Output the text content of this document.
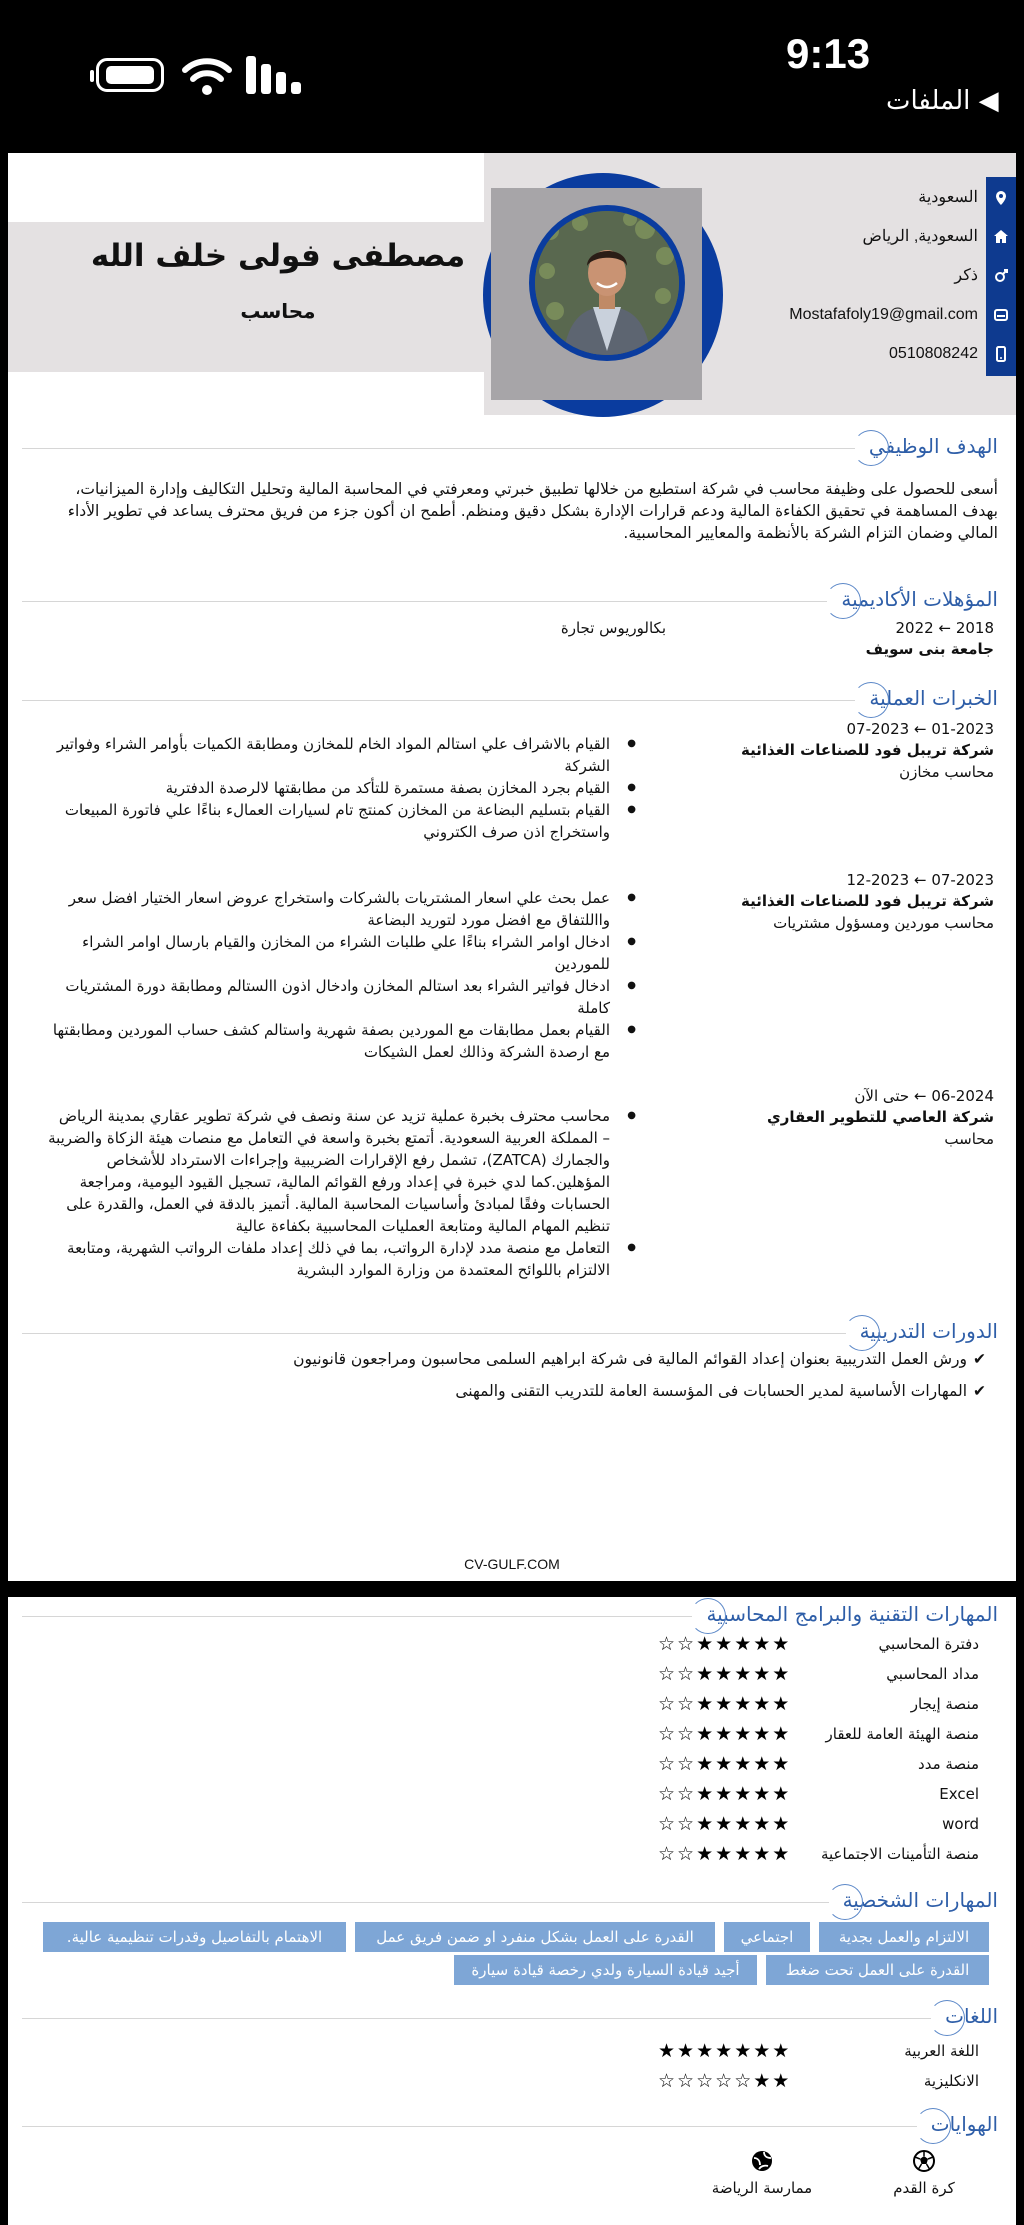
9:13
◀ الملفات
السعودية
السعودية, الرياض
ذكر
Mostafafoly19@gmail.com
0510808242
مصطفى فولى خلف الله
محاسب
الهدف الوظيفي
أسعى للحصول على وظيفة محاسب في شركة استطيع من خلالها تطبيق خبرتي ومعرفتي في المحاسبة المالية وتحليل التكاليف وإدارة الميزانيات،
بهدف المساهمة في تحقيق الكفاءة المالية ودعم قرارات الإدارة بشكل دقيق ومنظم. أطمح ان أكون جزء من فريق محترف يساعد في تطوير الأداء
المالي وضمان التزام الشركة بالأنظمة والمعايير المحاسبية.
المؤهلات الأكاديمية
2018 ← 2022
جامعة بنى سويف
بكالوريوس تجارة
الخبرات العملية
01-2023 ← 07-2023
شركة تريبل فود للصناعات الغذائية
محاسب مخازن
● القيام بالاشراف علي استالم المواد الخام للمخازن ومطابقة الكميات بأوامر الشراء وفواتير الشركة
● القيام بجرد المخازن بصفة مستمرة للتأكد من مطابقتها لالرصدة الدفترية
● القيام بتسليم البضاعة من المخازن كمنتج تام لسيارات العمالء بناءًا علي فاتورة المبيعات واستخراج اذن صرف الكتروني
07-2023 ← 12-2023
شركة تريبل فود للصناعات الغذائية
محاسب موردين ومسؤول مشتريات
● عمل بحث علي اسعار المشتريات بالشركات واستخراج عروض اسعار الختيار افضل سعر وااللتفاق مع افضل مورد لتوريد البضاعة
● ادخال اوامر الشراء بناءًا علي طلبات الشراء من المخازن والقيام بارسال اوامر الشراء للموردين
● ادخال فواتير الشراء بعد استالم المخازن وادخال اذون االستالم ومطابقة دورة المشتريات كاملة
● القيام بعمل مطابقات مع الموردين بصفة شهرية واستالم كشف حساب الموردين ومطابقتها مع ارصدة الشركة وذالك لعمل الشيكات
06-2024 ← حتى الآن
شركة العاصي للتطوير العقاري
محاسب
● محاسب محترف بخبرة عملية تزيد عن سنة ونصف في شركة تطوير عقاري بمدينة الرياض – المملكة العربية السعودية. أتمتع بخبرة واسعة في التعامل مع منصات هيئة الزكاة والضريبة والجمارك (ZATCA)، تشمل رفع الإقرارات الضريبية وإجراءات الاسترداد للأشخاص المؤهلين.كما لدي خبرة في إعداد ورفع القوائم المالية، تسجيل القيود اليومية، ومراجعة الحسابات وفقًا لمبادئ وأساسيات المحاسبة المالية. أتميز بالدقة في العمل، والقدرة على تنظيم المهام المالية ومتابعة العمليات المحاسبية بكفاءة عالية
● التعامل مع منصة مدد لإدارة الرواتب، بما في ذلك إعداد ملفات الرواتب الشهرية، ومتابعة الالتزام باللوائح المعتمدة من وزارة الموارد البشرية
الدورات التدريبية
✔ورش العمل التدريبية بعنوان إعداد القوائم المالية فى شركة ابراهيم السلمى محاسبون ومراجعون قانونيون
✔المهارات الأساسية لمدير الحسابات فى المؤسسة العامة للتدريب التقنى والمهنى
CV-GULF.COM
المهارات التقنية والبرامج المحاسبية
دفترة المحاسبي
☆☆★★★★★
مداد المحاسبي
☆☆★★★★★
منصة إيجار
☆☆★★★★★
منصة الهيئة العامة للعقار
☆☆★★★★★
منصة مدد
☆☆★★★★★
Excel
☆☆★★★★★
word
☆☆★★★★★
منصة التأمينات الاجتماعية
☆☆★★★★★
المهارات الشخصية
الالتزام والعمل بجدية
اجتماعي
القدرة على العمل بشكل منفرد او ضمن فريق عمل
الاهتمام بالتفاصيل وقدرات تنظيمية عالية.
القدرة على العمل تحت ضغط
أجيد قيادة السيارة ولدي رخصة قيادة سيارة
اللغات
اللغة العربية
★★★★★★★
الانكليزية
☆☆☆☆☆★★
الهوايات
كرة القدم
ممارسة الرياضة
